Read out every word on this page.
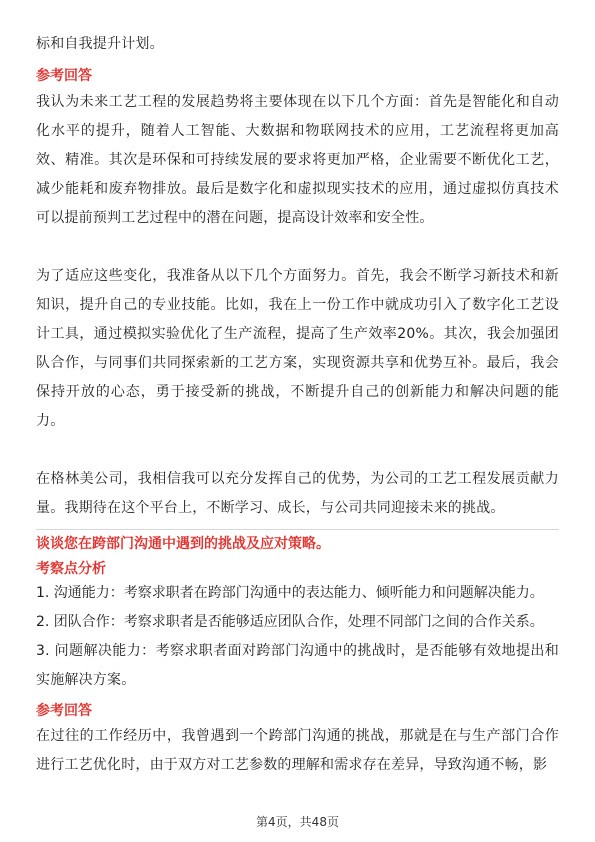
标和自我提升计划。

参考回答

我认为未来工艺工程的发展趋势将主要体现在以下几个方面：首先是智能化和自动化水平的提升，随着人工智能、大数据和物联网技术的应用，工艺流程将更加高效、精准。其次是环保和可持续发展的要求将更加严格，企业需要不断优化工艺，减少能耗和废弃物排放。最后是数字化和虚拟现实技术的应用，通过虚拟仿真技术可以提前预判工艺过程中的潜在问题，提高设计效率和安全性。

为了适应这些变化，我准备从以下几个方面努力。首先，我会不断学习新技术和新知识，提升自己的专业技能。比如，我在上一份工作中就成功引入了数字化工艺设计工具，通过模拟实验优化了生产流程，提高了生产效率20%。其次，我会加强团队合作，与同事们共同探索新的工艺方案，实现资源共享和优势互补。最后，我会保持开放的心态，勇于接受新的挑战，不断提升自己的创新能力和解决问题的能力。

在格林美公司，我相信我可以充分发挥自己的优势，为公司的工艺工程发展贡献力量。我期待在这个平台上，不断学习、成长，与公司共同迎接未来的挑战。

谈谈您在跨部门沟通中遇到的挑战及应对策略。
考察点分析
1. 沟通能力：考察求职者在跨部门沟通中的表达能力、倾听能力和问题解决能力。
2. 团队合作：考察求职者是否能够适应团队合作，处理不同部门之间的合作关系。

3. 问题解决能力：考察求职者面对跨部门沟通中的挑战时，是否能够有效地提出和实施解决方案。

参考回答

在过往的工作经历中，我曾遇到一个跨部门沟通的挑战，那就是在与生产部门合作进行工艺优化时，由于双方对工艺参数的理解和需求存在差异，导致沟通不畅，影

第4页，共48页
